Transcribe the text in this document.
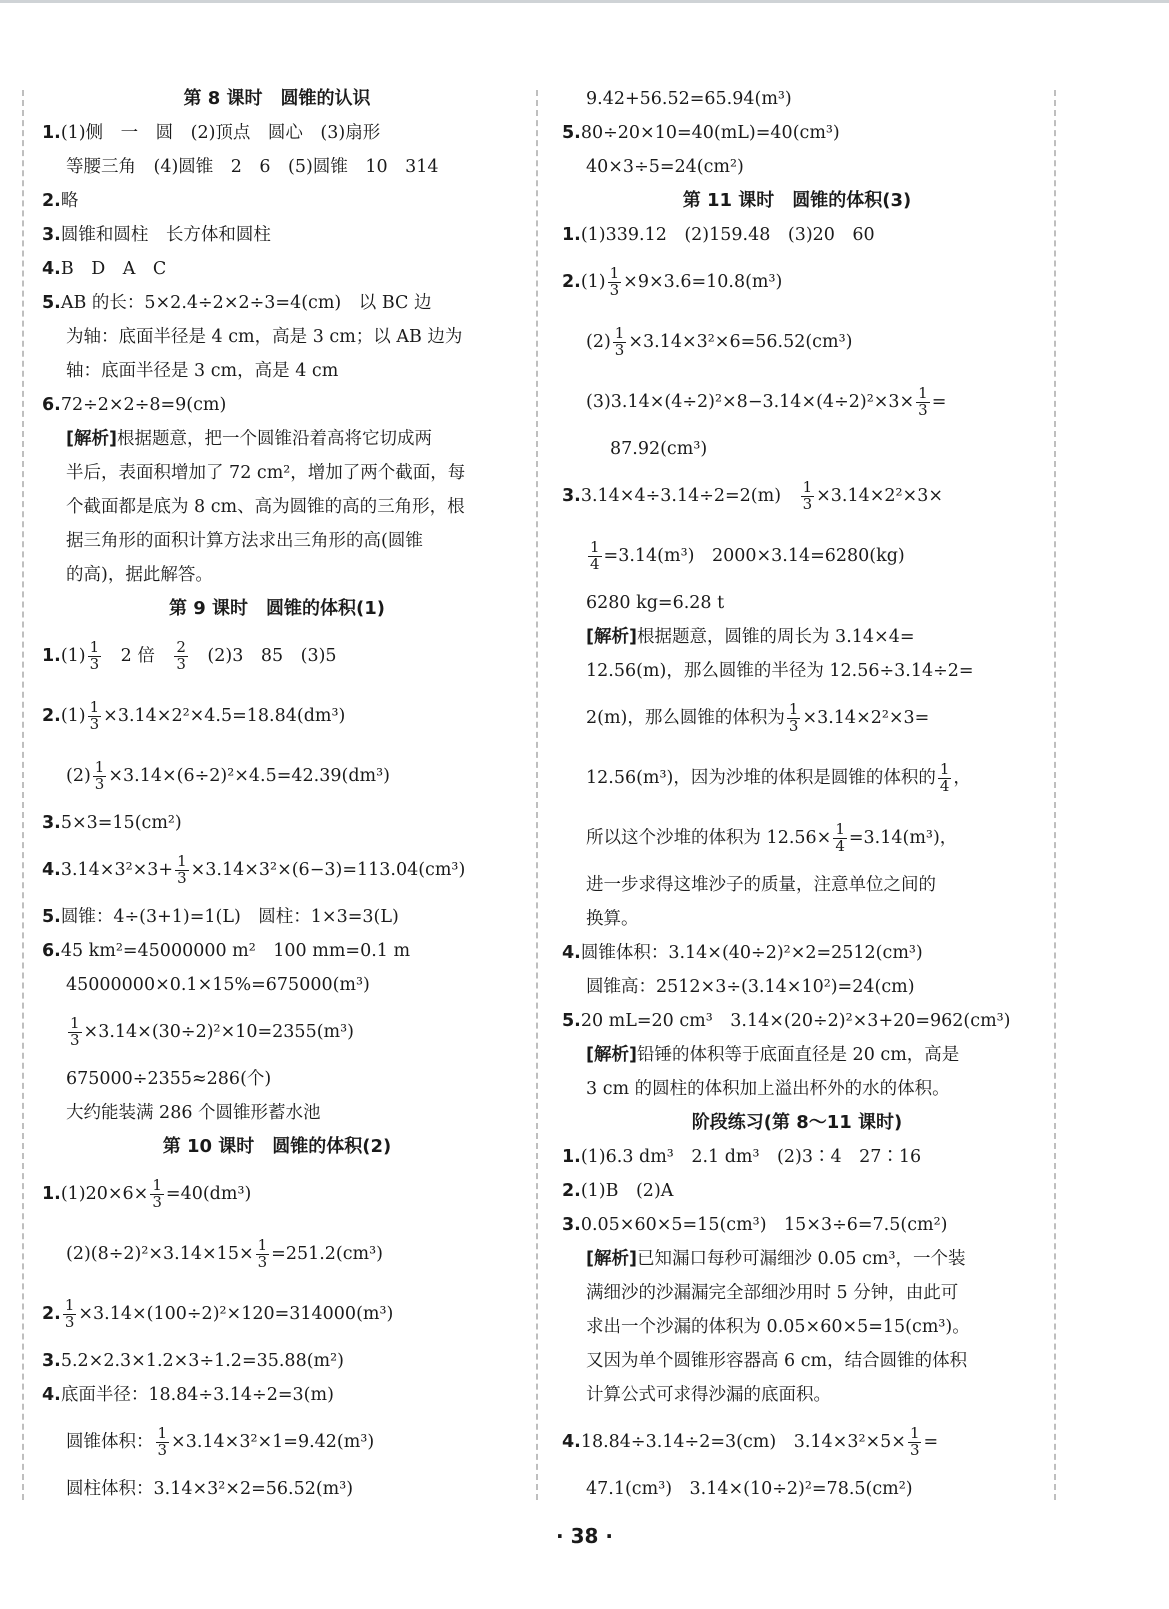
第 8 课时　圆锥的认识
1.(1)侧　一　圆　(2)顶点　圆心　(3)扇形
等腰三角　(4)圆锥　2　6　(5)圆锥　10　314
2.略
3.圆锥和圆柱　长方体和圆柱
4.B　D　A　C
5.AB 的长：5×2.4÷2×2÷3=4(cm)　以 BC 边
为轴：底面半径是 4 cm，高是 3 cm；以 AB 边为
轴：底面半径是 3 cm，高是 4 cm
6.72÷2×2÷8=9(cm)
[解析]根据题意，把一个圆锥沿着高将它切成两
半后，表面积增加了 72 cm²，增加了两个截面，每
个截面都是底为 8 cm、高为圆锥的高的三角形，根
据三角形的面积计算方法求出三角形的高(圆锥
的高)，据此解答。
第 9 课时　圆锥的体积(1)
$1.(1) \frac{1}{3}$
　 2 倍　 $\frac{2}{3}$
　 (2)3　85　(3)5
$2.(1) \frac{1}{3} \times 3.14\times 2^2\times 4.5=18.84(dm^3)$
$(2) \frac{1}{3} \times 3.14\times(6\div 2)^2\times 4.5=42.39(dm^3)$
3.5×3=15(cm²)
$4.3.14\times 3^2\times 3+ \frac{1}{3} \times 3.14\times 3^2\times(6-3)=113.04(cm^3)$
5.圆锥：4÷(3+1)=1(L)　圆柱：1×3=3(L)
6.45 km²=45000000 m²　100 mm=0.1 m
45000000×0.1×15%=675000(m³)
$\frac{1}{3} \times 3.14\times(30\div 2)^2\times 10=2355(m^3)$
675000÷2355≈286(个)
大约能装满 286 个圆锥形蓄水池
第 10 课时　圆锥的体积(2)
$1.(1)20\times 6\times \frac{1}{3} =40(dm^3)$
$(2)(8\div 2)^2\times 3.14\times 15\times \frac{1}{3} =251.2(cm^3)$
2. $\frac{1}{3} \times 3.14\times(100\div 2)^2\times 120=314000(m^3)$
3.5.2×2.3×1.2×3÷1.2=35.88(m²)
4.底面半径：18.84÷3.14÷2=3(m)
圆锥体积： $\frac{1}{3} \times 3.14\times 3^2\times 1=9.42(m^3)$
圆柱体积：3.14×3²×2=56.52(m³)
9.42+56.52=65.94(m³)
5.80÷20×10=40(mL)=40(cm³)
40×3÷5=24(cm²)
第 11 课时　圆锥的体积(3)
1.(1)339.12　(2)159.48　(3)20　60
$2.(1) \frac{1}{3} \times 9\times 3.6=10.8(m^3)$
$(2) \frac{1}{3} \times 3.14\times 3^2\times 6=56.52(cm^3)$
$(3)3.14\times(4\div 2)^2\times 8-3.14\times(4\div 2)^2\times 3\times \frac{1}{3}$ =
87.92(cm³)
3.3.14×4÷3.14÷2=2(m)　 $\frac{1}{3} \times 3.14\times 2^2\times 3\times$
$\frac{1}{4} =3.14(m^3)$　2000×3.14=6280(kg)
6280 kg=6.28 t
[解析]根据题意，圆锥的周长为 3.14×4=
12.56(m)，那么圆锥的半径为 12.56÷3.14÷2=
2(m)，那么圆锥的体积为 $\frac{1}{3} \times 3.14\times 2^2\times 3=$
12.56(m³)，因为沙堆的体积是圆锥的体积的 $\frac{1}{4}$ ，
所以这个沙堆的体积为 $12.56\times \frac{1}{4} =3.14(m^3)$，
进一步求得这堆沙子的质量，注意单位之间的
换算。
4.圆锥体积：3.14×(40÷2)²×2=2512(cm³)
圆锥高：2512×3÷(3.14×10²)=24(cm)
5.20 mL=20 cm³　3.14×(20÷2)²×3+20=962(cm³)
[解析]铅锤的体积等于底面直径是 20 cm，高是
3 cm 的圆柱的体积加上溢出杯外的水的体积。
阶段练习(第 8～11 课时)
1.(1)6.3 dm³　2.1 dm³　(2)3∶4　27∶16
2.(1)B　(2)A
3.0.05×60×5=15(cm³)　15×3÷6=7.5(cm²)
[解析]已知漏口每秒可漏细沙 0.05 cm³，一个装
满细沙的沙漏漏完全部细沙用时 5 分钟，由此可
求出一个沙漏的体积为 0.05×60×5=15(cm³)。
又因为单个圆锥形容器高 6 cm，结合圆锥的体积
计算公式可求得沙漏的底面积。
4.18.84÷3.14÷2=3(cm)　$3.14\times 3^2\times 5\times \frac{1}{3}$ =
47.1(cm³)　3.14×(10÷2)²=78.5(cm²)
· 38 ·
